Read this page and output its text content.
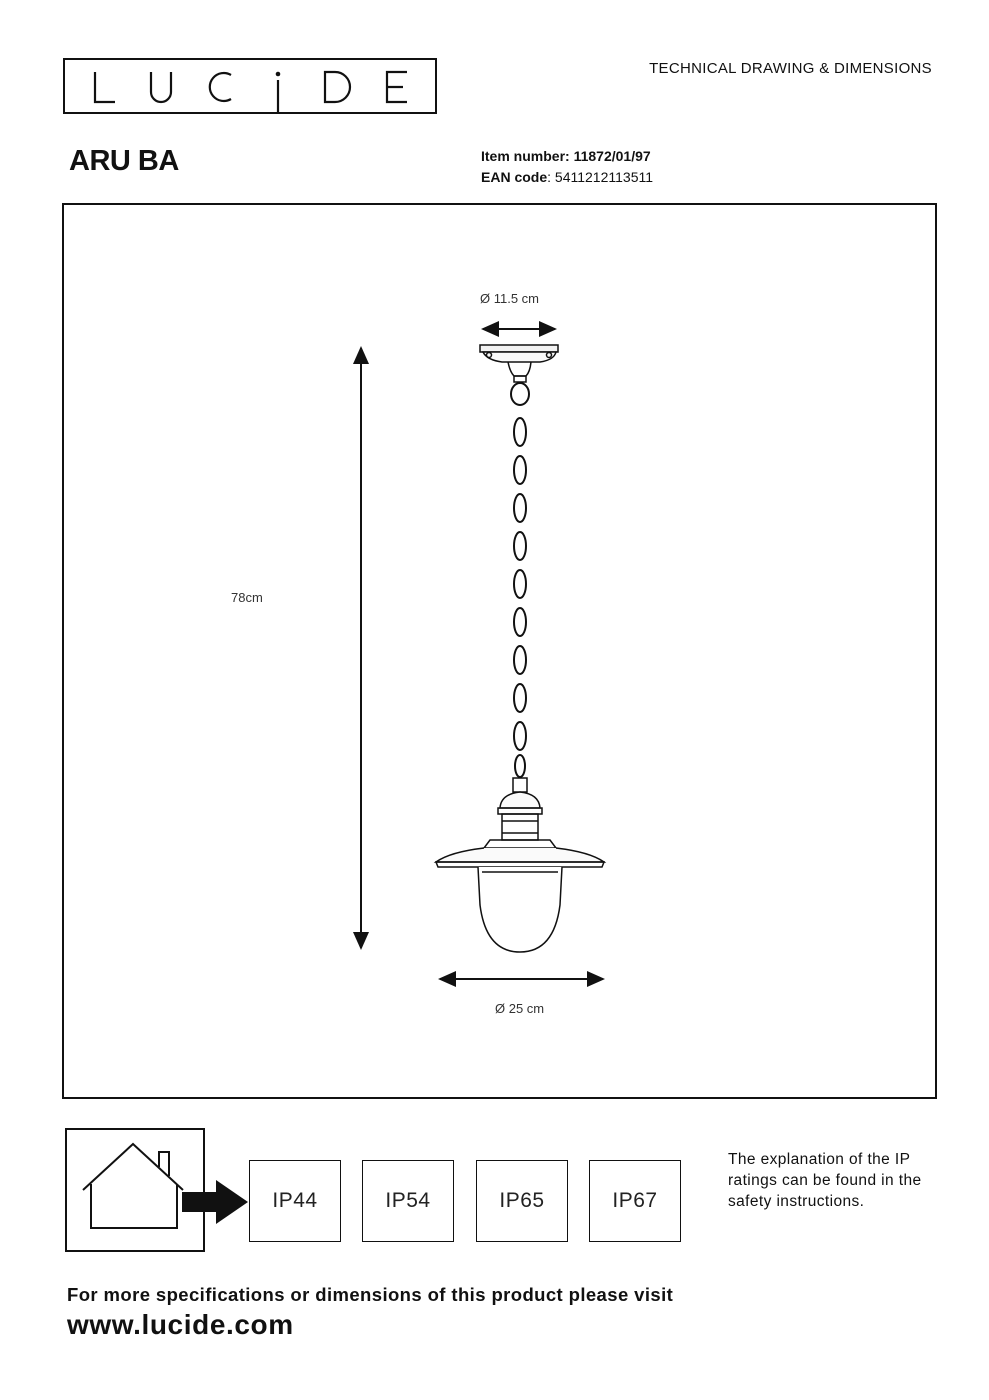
TECHNICAL DRAWING & DIMENSIONS
ARU BA	Item number: 11872/01/97
EAN code: 5411212113511
Ø 11.5 cm
78cm
Ø 25 cm
IP44	IP54	IP65	IP67
The explanation of the IP ratings can be found in the safety instructions.
For more specifications or dimensions of this product please visit
www.lucide.com
